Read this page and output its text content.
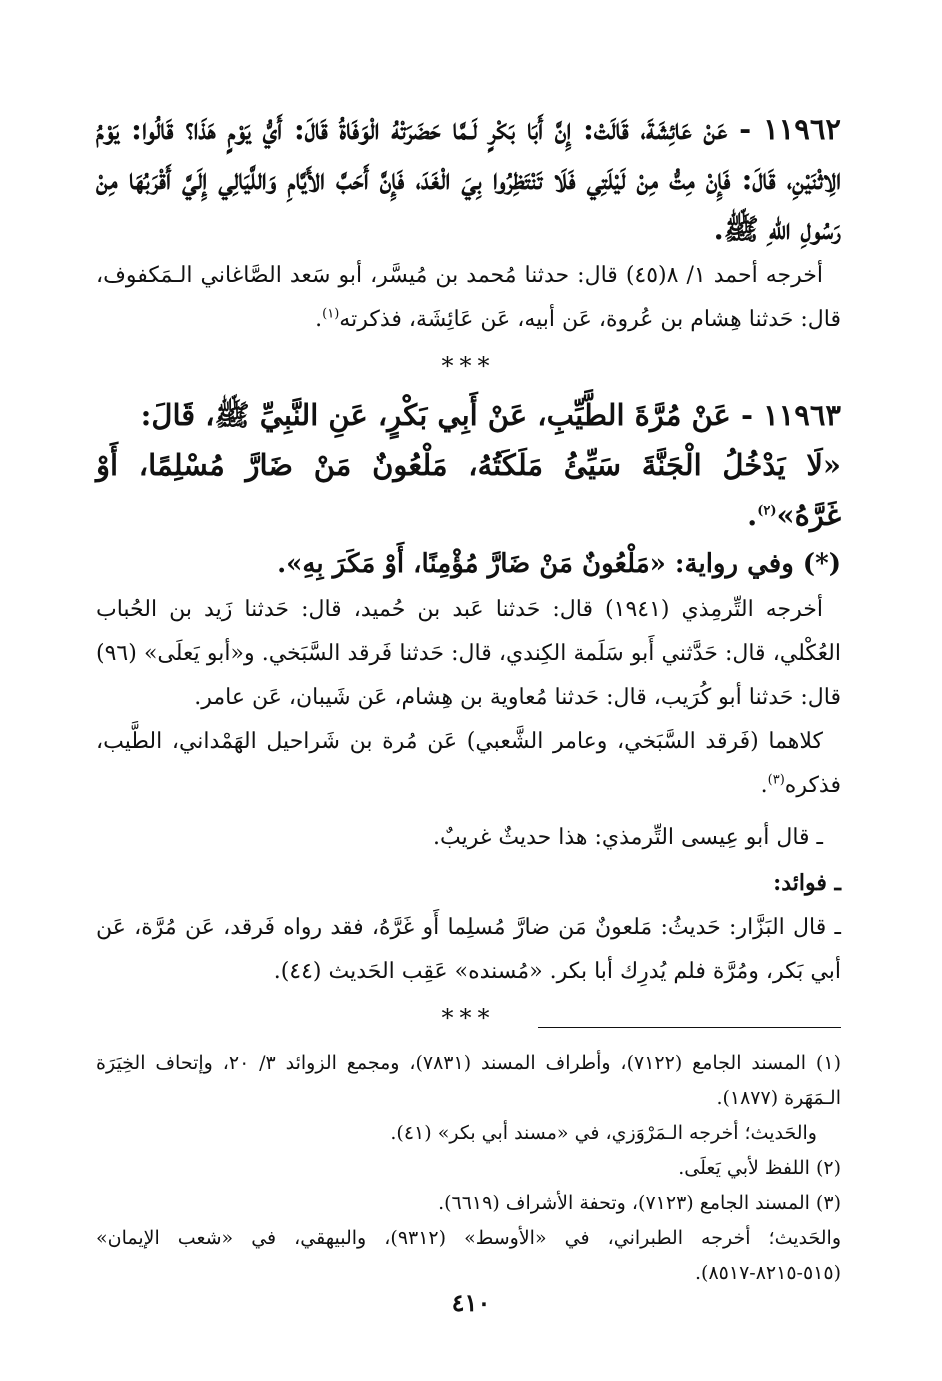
١١٩٦٢ - عَنْ عَائِشَةَ، قَالَتْ: إِنَّ أَبَا بَكْرٍ لَـمَّا حَضَرَتْهُ الْوَفَاةُ قَالَ: أَيُّ يَوْمٍ هَذَا؟ قَالُوا: يَوْمُ الِاثْنَيْنِ، قَالَ: فَإِنْ مِتُّ مِنْ لَيْلَتِي فَلَا تَنْتَظِرُوا بِيَ الْغَدَ، فَإِنَّ أَحَبَّ الأَيَّامِ وَاللَّيَالِي إِلَيَّ أَقْرَبُهَا مِنْ رَسُولِ اللهِ ﷺ.

أخرجه أحمد ١/ ٨(٤٥) قال: حدثنا مُحمد بن مُيسَّر، أبو سَعد الصَّاغاني الـمَكفوف، قال: حَدثنا هِشام بن عُروة، عَن أبيه، عَن عَائِشَة، فذكرته$^{(١)}$.

***

١١٩٦٣ - عَنْ مُرَّةَ الطَّيِّبِ، عَنْ أَبِي بَكْرٍ، عَنِ النَّبِيِّ ﷺ، قَالَ:

«لَا يَدْخُلُ الْجَنَّةَ سَيِّئُ مَلَكَتُهُ، مَلْعُونٌ مَنْ ضَارَّ مُسْلِمًا، أَوْ غَرَّهُ»$^{(٢)}$.

(*) وفي رواية: «مَلْعُونٌ مَنْ ضَارَّ مُؤْمِنًا، أَوْ مَكَرَ بِهِ».

أخرجه التِّرمِذي (١٩٤١) قال: حَدثنا عَبد بن حُميد، قال: حَدثنا زَيد بن الحُباب العُكْلي، قال: حَدَّثني أَبو سَلَمة الكِندي، قال: حَدثنا فَرقد السَّبَخي. و«أبو يَعلَى» (٩٦) قال: حَدثنا أبو كُرَيب، قال: حَدثنا مُعاوية بن هِشام، عَن شَيبان، عَن عامر.

كلاهما (فَرقد السَّبَخي، وعامر الشَّعبي) عَن مُرة بن شَراحيل الهَمْداني، الطَّيب، فذكره$^{(٣)}$.

ـ قال أبو عِيسى التِّرمذي: هذا حديثٌ غريبٌ.

ـ فوائد:

ـ قال البَزَّار: حَديثُ: مَلعونٌ مَن ضارَّ مُسلِما أَو غَرَّهُ، فقد رواه فَرقد، عَن مُرَّة، عَن أبي بَكر، ومُرَّة فلم يُدرِك أبا بكر. «مُسنده» عَقِب الحَديث (٤٤).

***

(١) المسند الجامع (٧١٢٢)، وأطراف المسند (٧٨٣١)، ومجمع الزوائد ٣/ ٢٠، وإتحاف الخِيَرَة الـمَهَرة (١٨٧٧).

والحَديث؛ أخرجه الـمَرْوَزي، في «مسند أبي بكر» (٤١).

(٢) اللفظ لأبي يَعلَى.

(٣) المسند الجامع (٧١٢٣)، وتحفة الأشراف (٦٦١٩).

والحَديث؛ أخرجه الطبراني، في «الأوسط» (٩٣١٢)، والبيهقي، في «شعب الإيمان» (٥١٥-٨٢١٥-٨٥١٧).

٤١٠
